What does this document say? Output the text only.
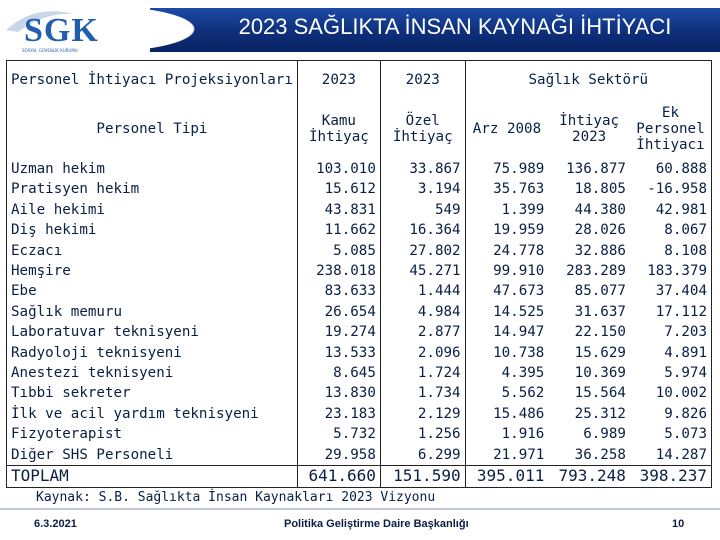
SGK
SOSYAL GÜVENLİK KURUMU
2023 SAĞLIKTA İNSAN KAYNAĞI İHTİYACI
Personel İhtiyacı Projeksiyonları	2023	2023	Sağlık Sektörü		
Personel Tipi	Kamu İhtiyaç	Özel İhtiyaç	Arz 2008	İhtiyaç 2023	Ek Personel İhtiyacı
Uzman hekim	103.010	33.867	75.989	136.877	60.888
Pratisyen hekim	15.612	3.194	35.763	18.805	-16.958
Aile hekimi	43.831	549	1.399	44.380	42.981
Diş hekimi	11.662	16.364	19.959	28.026	8.067
Eczacı	5.085	27.802	24.778	32.886	8.108
Hemşire	238.018	45.271	99.910	283.289	183.379
Ebe	83.633	1.444	47.673	85.077	37.404
Sağlık memuru	26.654	4.984	14.525	31.637	17.112
Laboratuvar teknisyeni	19.274	2.877	14.947	22.150	7.203
Radyoloji teknisyeni	13.533	2.096	10.738	15.629	4.891
Anestezi teknisyeni	8.645	1.724	4.395	10.369	5.974
Tıbbi sekreter	13.830	1.734	5.562	15.564	10.002
İlk ve acil yardım teknisyeni	23.183	2.129	15.486	25.312	9.826
Fizyoterapist	5.732	1.256	1.916	6.989	5.073
Diğer SHS Personeli	29.958	6.299	21.971	36.258	14.287
TOPLAM	641.660	151.590	395.011	793.248	398.237
Kaynak: S.B. Sağlıkta İnsan Kaynakları 2023 Vizyonu
6.3.2021	Politika Geliştirme Daire Başkanlığı	10
